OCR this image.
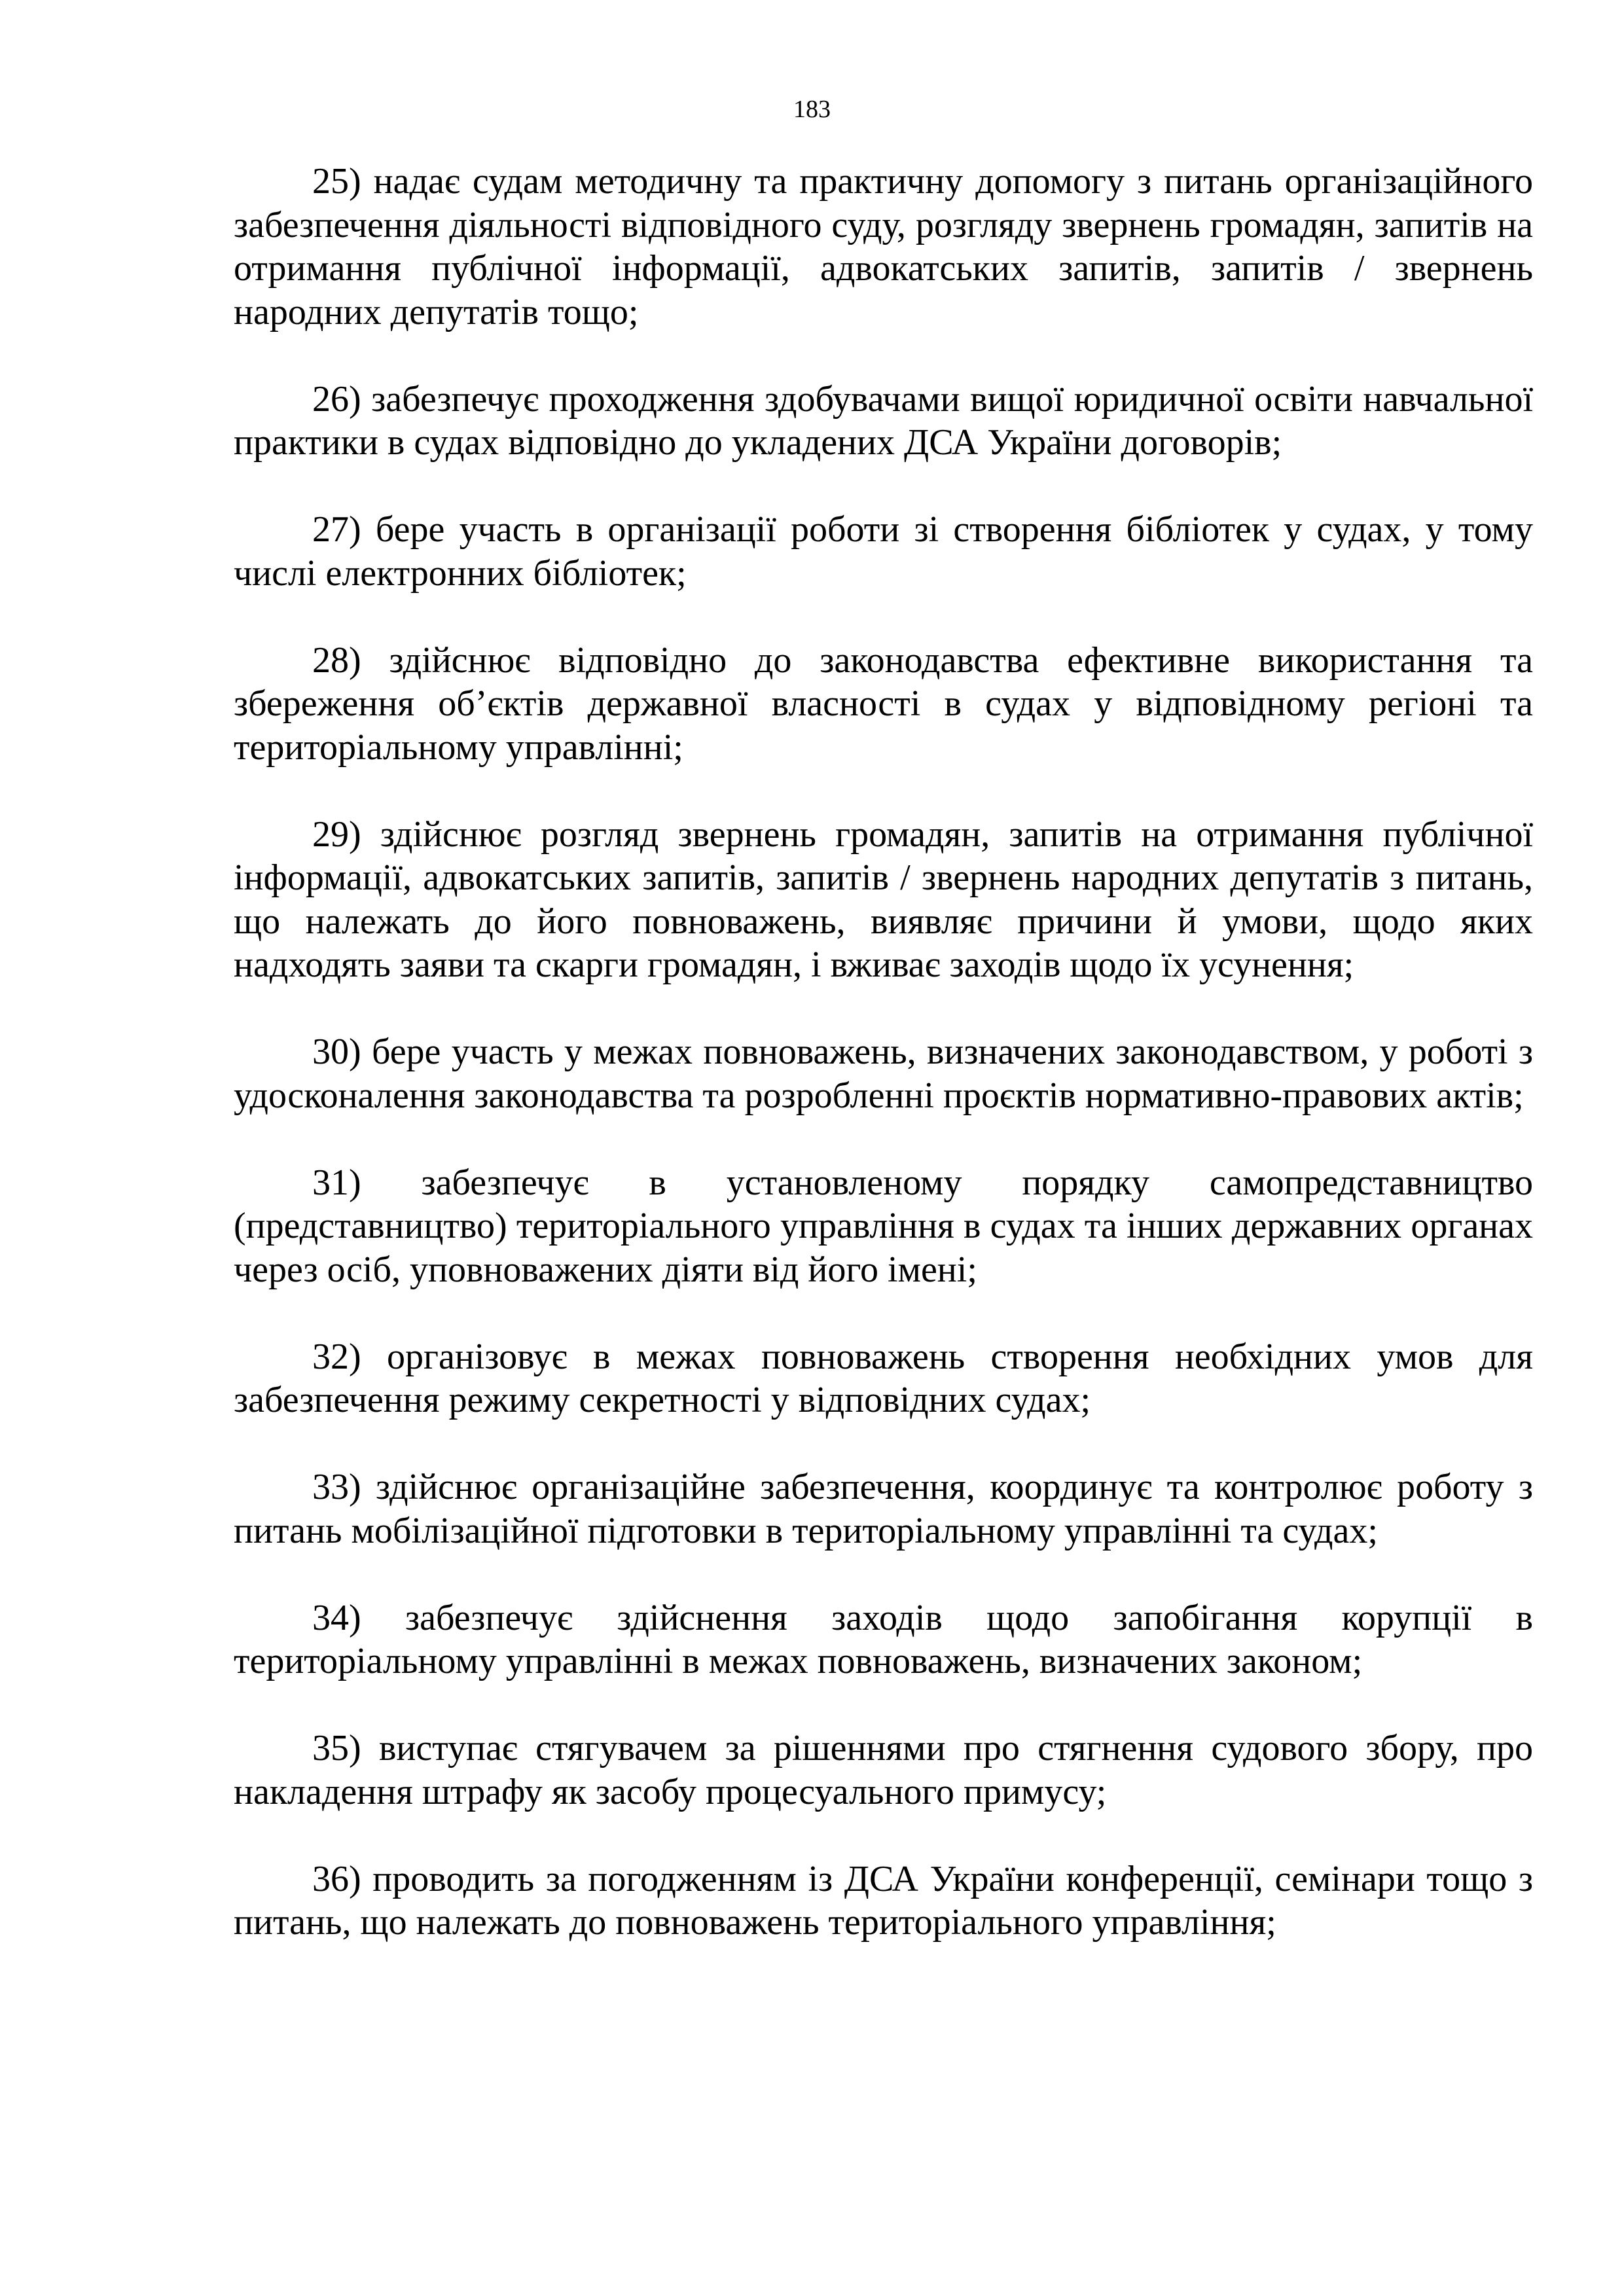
183

25) надає судам методичну та практичну допомогу з питань організаційного забезпечення діяльності відповідного суду, розгляду звернень громадян, запитів на отримання публічної інформації, адвокатських запитів, запитів / звернень народних депутатів тощо;

26) забезпечує проходження здобувачами вищої юридичної освіти навчальної практики в судах відповідно до укладених ДСА України договорів;

27) бере участь в організації роботи зі створення бібліотек у судах, у тому числі електронних бібліотек;

28) здійснює відповідно до законодавства ефективне використання та збереження об’єктів державної власності в судах у відповідному регіоні та територіальному управлінні;

29) здійснює розгляд звернень громадян, запитів на отримання публічної інформації, адвокатських запитів, запитів / звернень народних депутатів з питань, що належать до його повноважень, виявляє причини й умови, щодо яких надходять заяви та скарги громадян, і вживає заходів щодо їх усунення;

30) бере участь у межах повноважень, визначених законодавством, у роботі з удосконалення законодавства та розробленні проєктів нормативно-правових актів;

31) забезпечує в установленому порядку самопредставництво (представництво) територіального управління в судах та інших державних органах через осіб, уповноважених діяти від його імені;

32) організовує в межах повноважень створення необхідних умов для забезпечення режиму секретності у відповідних судах;

33) здійснює організаційне забезпечення, координує та контролює роботу з питань мобілізаційної підготовки в територіальному управлінні та судах;

34) забезпечує здійснення заходів щодо запобігання корупції в територіальному управлінні в межах повноважень, визначених законом;

35) виступає стягувачем за рішеннями про стягнення судового збору, про накладення штрафу як засобу процесуального примусу;

36) проводить за погодженням із ДСА України конференції, семінари тощо з питань, що належать до повноважень територіального управління;
